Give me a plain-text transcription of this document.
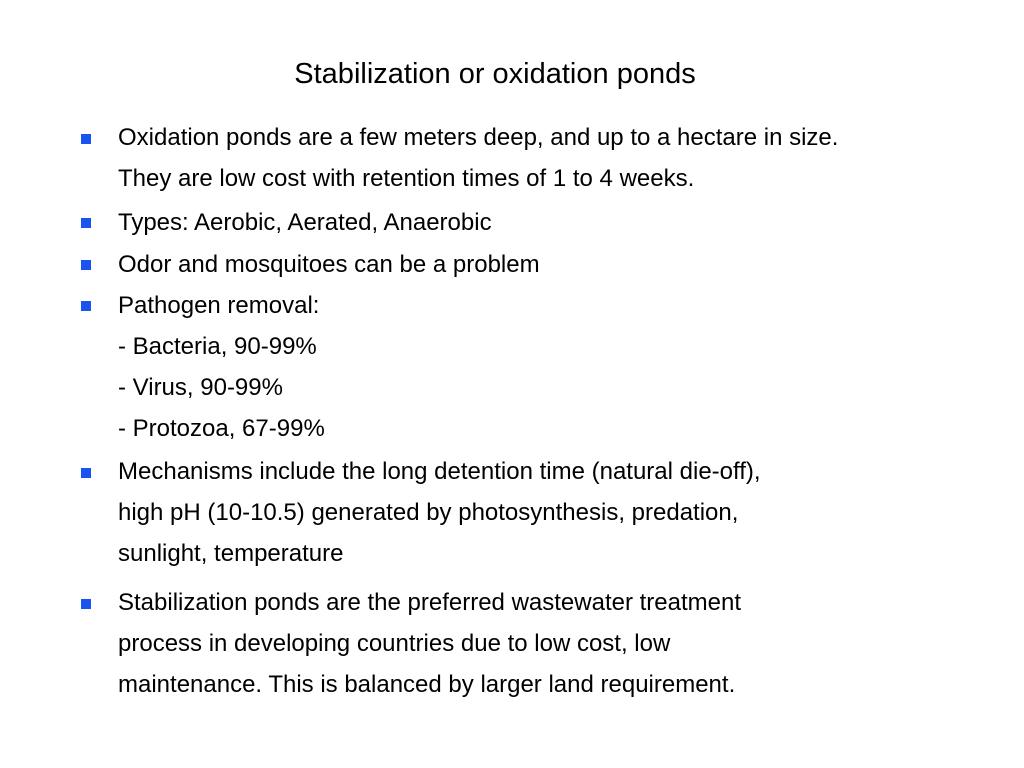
Stabilization or oxidation ponds
Oxidation ponds are a few meters deep, and up to a hectare in size.
They are low cost with retention times of 1 to 4 weeks.
Types: Aerobic, Aerated, Anaerobic
Odor and mosquitoes can be a problem
Pathogen removal:
- Bacteria, 90-99%
- Virus, 90-99%
- Protozoa, 67-99%
Mechanisms include the long detention time (natural die-off),
high pH (10-10.5) generated by photosynthesis, predation,
sunlight, temperature
Stabilization ponds are the preferred wastewater treatment
process in developing countries due to low cost, low
maintenance. This is balanced by larger land requirement.
